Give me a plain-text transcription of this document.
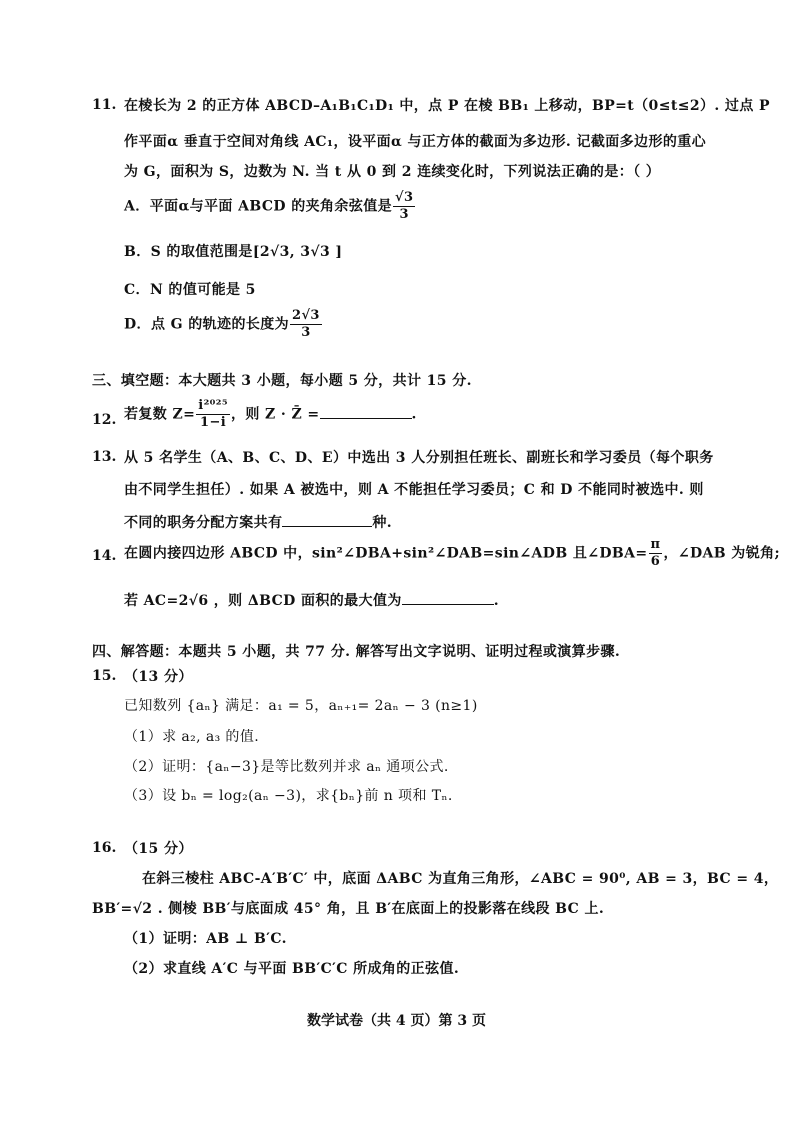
11. 在棱长为 2 的正方体 ABCD–A₁B₁C₁D₁ 中，点 P 在棱 BB₁ 上移动，BP=t（0≤t≤2）. 过点 P
作平面α 垂直于空间对角线 AC₁，设平面α 与正方体的截面为多边形. 记截面多边形的重心
为 G，面积为 S，边数为 N. 当 t 从 0 到 2 连续变化时，下列说法正确的是：（ ）
A．平面α与平面 ABCD 的夹角余弦值是 $\frac{√3}{3}$
B．S 的取值范围是[2√3, 3√3 ]
C．N 的值可能是 5
D．点 G 的轨迹的长度为 $\frac{2√3}{3}$
三、填空题：本大题共 3 小题，每小题 5 分，共计 15 分.
12. 若复数 $Z= \frac{\text{i²⁰²⁵}}{1-i}$ ，则 Z · Z̄ =	.
13. 从 5 名学生（A、B、C、D、E）中选出 3 人分别担任班长、副班长和学习委员（每个职务
由不同学生担任）. 如果 A 被选中，则 A 不能担任学习委员；C 和 D 不能同时被选中. 则
不同的职务分配方案共有	种.
14. 在圆内接四边形 ABCD 中，sin²∠DBA+sin²∠DAB=sin∠ADB 且∠DBA= $\frac{\pi}{6}$ ，∠DAB 为锐角;
若 AC=2√6 ，则 ΔBCD 面积的最大值为	.
四、解答题：本题共 5 小题，共 77 分. 解答写出文字说明、证明过程或演算步骤.
15. （13 分）
已知数列 {aₙ} 满足：a₁ = 5，aₙ₊₁= 2aₙ − 3 (n≥1)
（1）求 a₂, a₃ 的值.
（2）证明：{aₙ−3}是等比数列并求 aₙ 通项公式.
（3）设 bₙ = log₂(aₙ −3)，求{bₙ}前 n 项和 Tₙ.
16. （15 分）
在斜三棱柱 ABC-A′B′C′ 中，底面 ΔABC 为直角三角形，∠ABC = 90⁰, AB = 3，BC = 4，
BB′=√2 . 侧棱 BB′与底面成 45° 角，且 B′在底面上的投影落在线段 BC 上.
（1）证明：AB ⊥ B′C.
（2）求直线 A′C 与平面 BB′C′C 所成角的正弦值.
数学试卷（共 4 页）第 3 页
